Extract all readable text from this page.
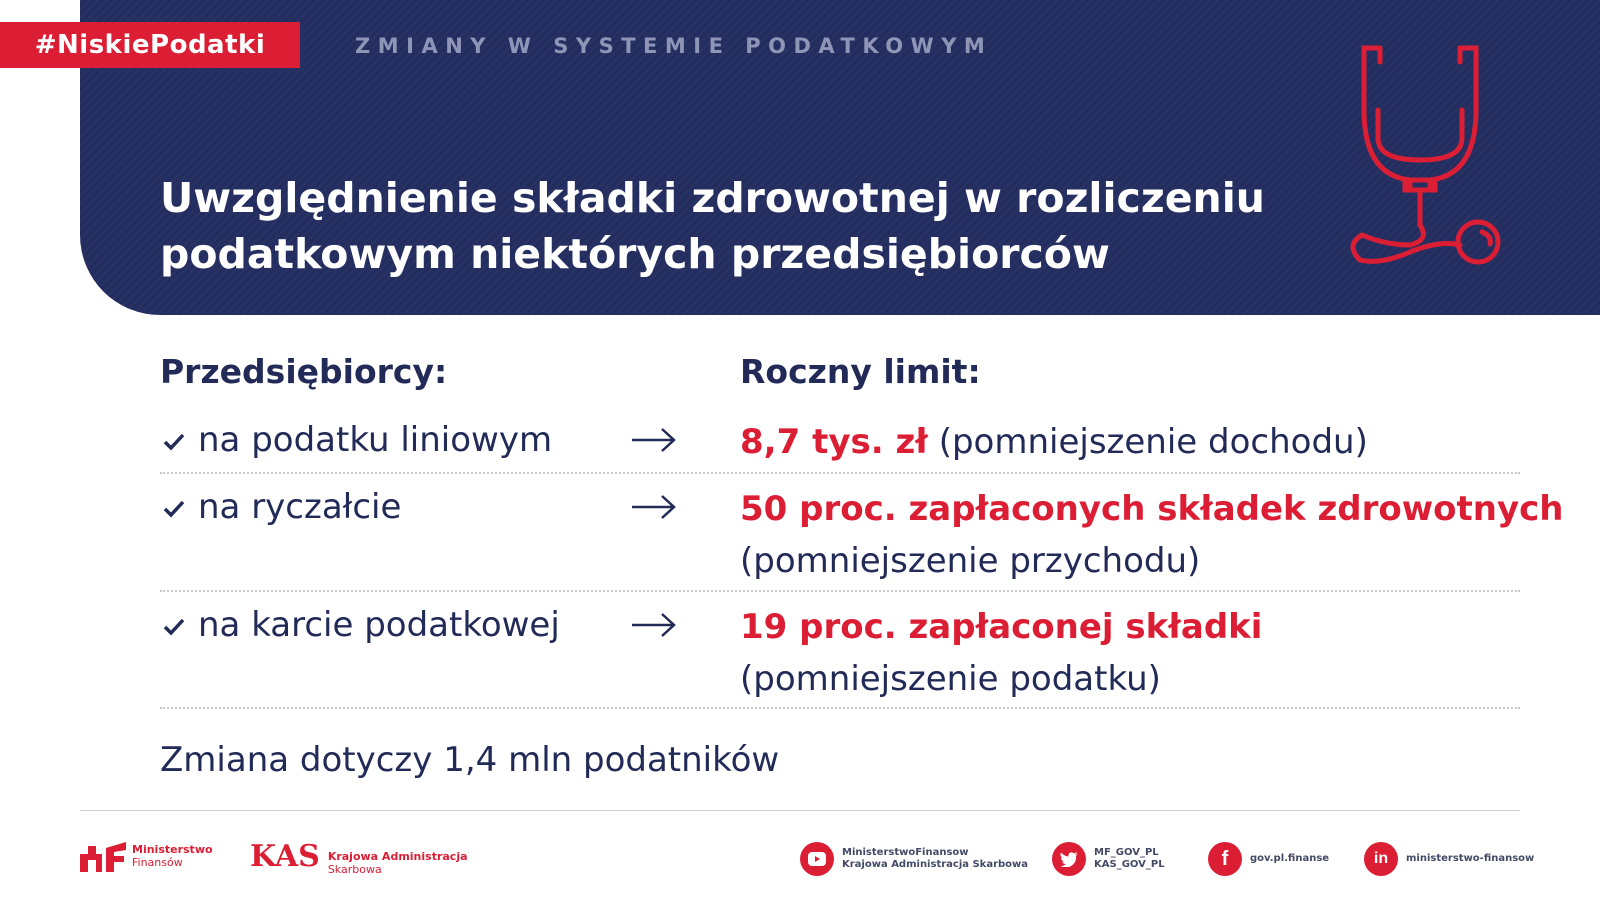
#NiskiePodatki	ZMIANY W SYSTEMIE PODATKOWYM
Uwzględnienie składki zdrowotnej w rozliczeniu
podatkowym niektórych przedsiębiorców
Przedsiębiorcy:	Roczny limit:
na podatku liniowym	8,7 tys. zł (pomniejszenie dochodu)
na ryczałcie	50 proc. zapłaconych składek zdrowotnych
(pomniejszenie przychodu)
na karcie podatkowej	19 proc. zapłaconej składki
(pomniejszenie podatku)
Zmiana dotyczy 1,4 mln podatników
Ministerstwo
Finansów	KAS Krajowa Administracja
Skarbowa
MinisterstwoFinansow
Krajowa Administracja Skarbowa
MF_GOV_PL
KAS_GOV_PL	f	gov.pl.finanse	in	ministerstwo-finansow
